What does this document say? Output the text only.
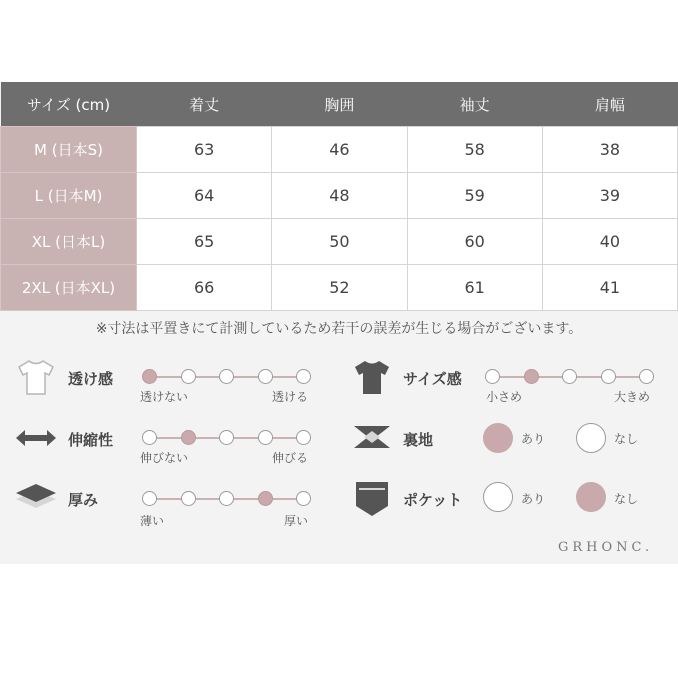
サイズ (cm)	着丈	胸囲	袖丈	肩幅
M (日本S)	63	46	58	38
L (日本M)	64	48	59	39
XL (日本L)	65	50	60	40
2XL (日本XL)	66	52	61	41
※寸法は平置きにて計測しているため若干の誤差が生じる場合がございます。
透け感
透けない	透ける
伸縮性
伸びない	伸びる
厚み
薄い	厚い
サイズ感
小さめ	大きめ
裏地	あり	なし
ポケット	あり	なし
GRHONC.
